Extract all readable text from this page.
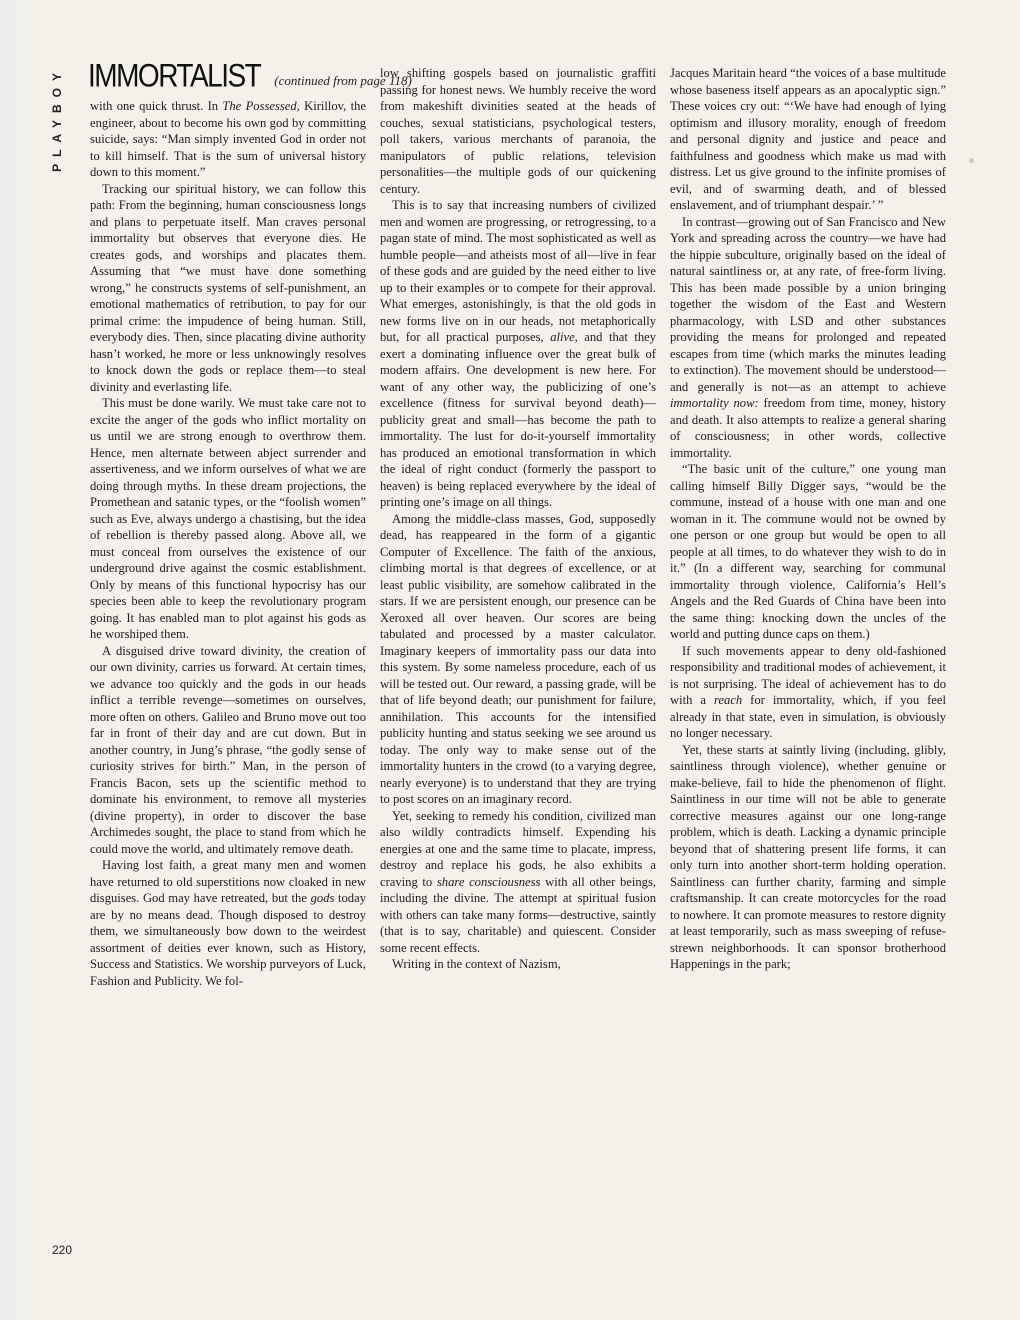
PLAYBOY IMMORTALIST (continued from page 118)

with one quick thrust. In The Possessed, Kirillov, the engineer, about to become his own god by committing suicide, says: “Man simply invented God in order not to kill himself. That is the sum of universal history down to this moment.”

Tracking our spiritual history, we can follow this path: From the beginning, human consciousness longs and plans to perpetuate itself. Man craves personal immortality but observes that everyone dies. He creates gods, and worships and placates them. Assuming that “we must have done something wrong,” he constructs systems of self-punishment, an emotional mathematics of retribution, to pay for our primal crime: the impudence of being human. Still, everybody dies. Then, since placating divine authority hasn’t worked, he more or less unknowingly resolves to knock down the gods or replace them—to steal divinity and everlasting life.

This must be done warily. We must take care not to excite the anger of the gods who inflict mortality on us until we are strong enough to overthrow them. Hence, men alternate between abject surrender and assertiveness, and we inform ourselves of what we are doing through myths. In these dream projections, the Promethean and satanic types, or the “foolish women” such as Eve, always undergo a chastising, but the idea of rebellion is thereby passed along. Above all, we must conceal from ourselves the existence of our underground drive against the cosmic establishment. Only by means of this functional hypocrisy has our species been able to keep the revolutionary program going. It has enabled man to plot against his gods as he worshiped them.

A disguised drive toward divinity, the creation of our own divinity, carries us forward. At certain times, we advance too quickly and the gods in our heads inflict a terrible revenge—sometimes on ourselves, more often on others. Galileo and Bruno move out too far in front of their day and are cut down. But in another country, in Jung’s phrase, “the godly sense of curiosity strives for birth.” Man, in the person of Francis Bacon, sets up the scientific method to dominate his environment, to remove all mysteries (divine property), in order to discover the base Archimedes sought, the place to stand from which he could move the world, and ultimately remove death.

Having lost faith, a great many men and women have returned to old superstitions now cloaked in new disguises. God may have retreated, but the gods today are by no means dead. Though disposed to destroy them, we simultaneously bow down to the weirdest assortment of deities ever known, such as History, Success and Statistics. We worship purveyors of Luck, Fashion and Publicity. We fol-

low shifting gospels based on journalistic graffiti passing for honest news. We humbly receive the word from makeshift divinities seated at the heads of couches, sexual statisticians, psychological testers, poll takers, various merchants of paranoia, the manipulators of public relations, television personalities—the multiple gods of our quickening century.

This is to say that increasing numbers of civilized men and women are progressing, or retrogressing, to a pagan state of mind. The most sophisticated as well as humble people—and atheists most of all—live in fear of these gods and are guided by the need either to live up to their examples or to compete for their approval. What emerges, astonishingly, is that the old gods in new forms live on in our heads, not metaphorically but, for all practical purposes, alive, and that they exert a dominating influence over the great bulk of modern affairs. One development is new here. For want of any other way, the publicizing of one’s excellence (fitness for survival beyond death)—publicity great and small—has become the path to immortality. The lust for do-it-yourself immortality has produced an emotional transformation in which the ideal of right conduct (formerly the passport to heaven) is being replaced everywhere by the ideal of printing one’s image on all things.

Among the middle-class masses, God, supposedly dead, has reappeared in the form of a gigantic Computer of Excellence. The faith of the anxious, climbing mortal is that degrees of excellence, or at least public visibility, are somehow calibrated in the stars. If we are persistent enough, our presence can be Xeroxed all over heaven. Our scores are being tabulated and processed by a master calculator. Imaginary keepers of immortality pass our data into this system. By some nameless procedure, each of us will be tested out. Our reward, a passing grade, will be that of life beyond death; our punishment for failure, annihilation. This accounts for the intensified publicity hunting and status seeking we see around us today. The only way to make sense out of the immortality hunters in the crowd (to a varying degree, nearly everyone) is to understand that they are trying to post scores on an imaginary record.

Yet, seeking to remedy his condition, civilized man also wildly contradicts himself. Expending his energies at one and the same time to placate, impress, destroy and replace his gods, he also exhibits a craving to share consciousness with all other beings, including the divine. The attempt at spiritual fusion with others can take many forms—destructive, saintly (that is to say, charitable) and quiescent. Consider some recent effects.

Writing in the context of Nazism,

Jacques Maritain heard “the voices of a base multitude whose baseness itself appears as an apocalyptic sign.” These voices cry out: “‘We have had enough of lying optimism and illusory morality, enough of freedom and personal dignity and justice and peace and faithfulness and goodness which make us mad with distress. Let us give ground to the infinite promises of evil, and of swarming death, and of blessed enslavement, and of triumphant despair.’ ”

In contrast—growing out of San Francisco and New York and spreading across the country—we have had the hippie subculture, originally based on the ideal of natural saintliness or, at any rate, of free-form living. This has been made possible by a union bringing together the wisdom of the East and Western pharmacology, with LSD and other substances providing the means for prolonged and repeated escapes from time (which marks the minutes leading to extinction). The movement should be understood—and generally is not—as an attempt to achieve immortality now: freedom from time, money, history and death. It also attempts to realize a general sharing of consciousness; in other words, collective immortality.

“The basic unit of the culture,” one young man calling himself Billy Digger says, “would be the commune, instead of a house with one man and one woman in it. The commune would not be owned by one person or one group but would be open to all people at all times, to do whatever they wish to do in it.” (In a different way, searching for communal immortality through violence, California’s Hell’s Angels and the Red Guards of China have been into the same thing: knocking down the uncles of the world and putting dunce caps on them.)

If such movements appear to deny old-fashioned responsibility and traditional modes of achievement, it is not surprising. The ideal of achievement has to do with a reach for immortality, which, if you feel already in that state, even in simulation, is obviously no longer necessary.

Yet, these starts at saintly living (including, glibly, saintliness through violence), whether genuine or make-believe, fail to hide the phenomenon of flight. Saintliness in our time will not be able to generate corrective measures against our one long-range problem, which is death. Lacking a dynamic principle beyond that of shattering present life forms, it can only turn into another short-term holding operation. Saintliness can further charity, farming and simple craftsmanship. It can create motorcycles for the road to nowhere. It can promote measures to restore dignity at least temporarily, such as mass sweeping of refuse-strewn neighborhoods. It can sponsor brotherhood Happenings in the park;

220
